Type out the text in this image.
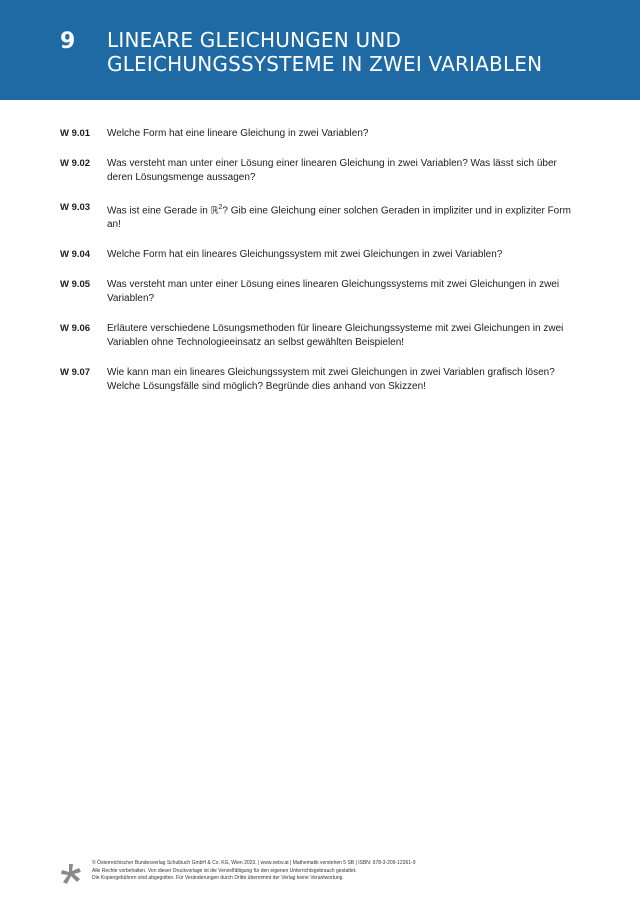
9 LINEARE GLEICHUNGEN UND
GLEICHUNGSSYSTEME IN ZWEI VARIABLEN
W 9.01 Welche Form hat eine lineare Gleichung in zwei Variablen?
W 9.02 Was versteht man unter einer Lösung einer linearen Gleichung in zwei Variablen? Was lässt sich über
deren Lösungsmenge aussagen?
W 9.03 Was ist eine Gerade in ℝ$^2$? Gib eine Gleichung einer solchen Geraden in impliziter und in expliziter Form
an!
W 9.04 Welche Form hat ein lineares Gleichungssystem mit zwei Gleichungen in zwei Variablen?
W 9.05 Was versteht man unter einer Lösung eines linearen Gleichungssystems mit zwei Gleichungen in zwei
Variablen?
W 9.06 Erläutere verschiedene Lösungsmethoden für lineare Gleichungssysteme mit zwei Gleichungen in zwei
Variablen ohne Technologieeinsatz an selbst gewählten Beispielen!
W 9.07 Wie kann man ein lineares Gleichungssystem mit zwei Gleichungen in zwei Variablen grafisch lösen?
Welche Lösungsfälle sind möglich? Begründe dies anhand von Skizzen!
© Österreichischer Bundesverlag Schulbuch GmbH & Co. KG, Wien 2023. | www.oebv.at | Mathematik verstehen 5 SB | ISBN: 978-3-209-12361-9
Alle Rechte vorbehalten. Von dieser Druckvorlage ist die Vervielfältigung für den eigenen Unterrichtsgebrauch gestattet.
Die Kopiergebühren sind abgegolten. Für Veränderungen durch Dritte übernimmt der Verlag keine Verantwortung.
